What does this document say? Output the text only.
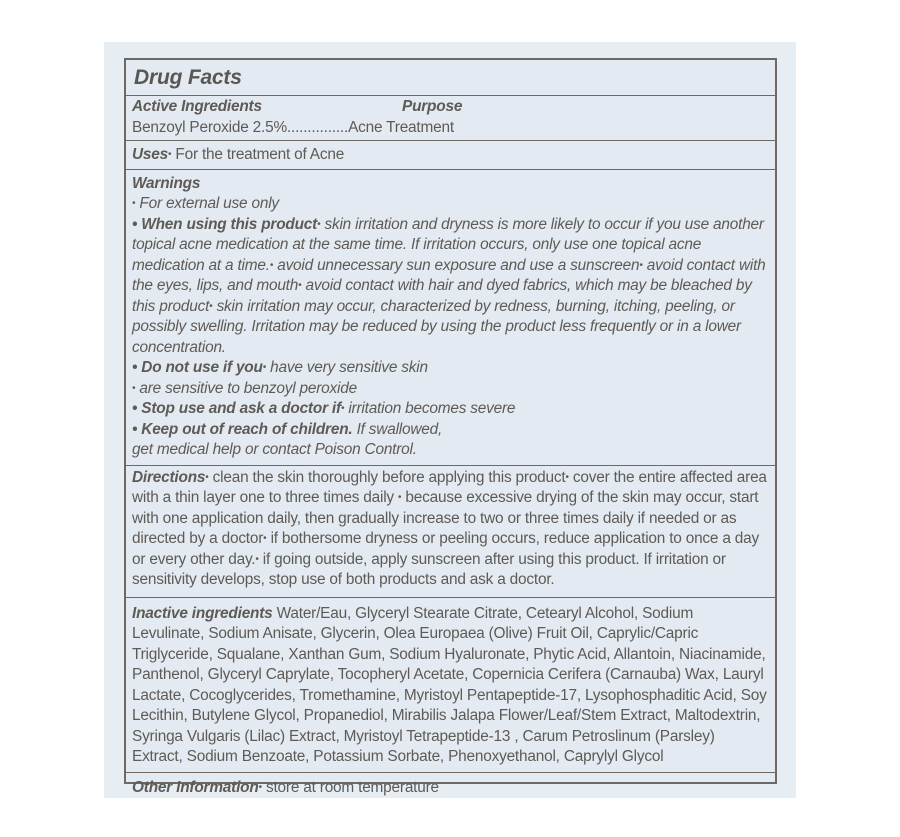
Drug Facts
Active Ingredients	Purpose
Benzoyl Peroxide 2.5%...............Acne Treatment
Uses• For the treatment of Acne
Warnings
• For external use only

• When using this product• skin irritation and dryness is more likely to occur if you use another topical acne medication at the same time. If irritation occurs, only use one topical acne medication at a time.• avoid unnecessary sun exposure and use a sunscreen• avoid contact with the eyes, lips, and mouth• avoid contact with hair and dyed fabrics, which may be bleached by this product• skin irritation may occur, characterized by redness, burning, itching, peeling, or possibly swelling. Irritation may be reduced by using the product less frequently or in a lower concentration.

• Do not use if you• have very sensitive skin
• are sensitive to benzoyl peroxide
• Stop use and ask a doctor if• irritation becomes severe
• Keep out of reach of children. If swallowed,
get medical help or contact Poison Control.

Directions• clean the skin thoroughly before applying this product• cover the entire affected area with a thin layer one to three times daily • because excessive drying of the skin may occur, start with one application daily, then gradually increase to two or three times daily if needed or as directed by a doctor• if bothersome dryness or peeling occurs, reduce application to once a day or every other day.• if going outside, apply sunscreen after using this product. If irritation or sensitivity develops, stop use of both products and ask a doctor.

Inactive ingredients Water/Eau, Glyceryl Stearate Citrate, Cetearyl Alcohol, Sodium Levulinate, Sodium Anisate, Glycerin, Olea Europaea (Olive) Fruit Oil, Caprylic/Capric Triglyceride, Squalane, Xanthan Gum, Sodium Hyaluronate, Phytic Acid, Allantoin, Niacinamide, Panthenol, Glyceryl Caprylate, Tocopheryl Acetate, Copernicia Cerifera (Carnauba) Wax, Lauryl Lactate, Cocoglycerides, Tromethamine, Myristoyl Pentapeptide-17, Lysophosphaditic Acid, Soy Lecithin, Butylene Glycol, Propanediol, Mirabilis Jalapa Flower/Leaf/Stem Extract, Maltodextrin, Syringa Vulgaris (Lilac) Extract, Myristoyl Tetrapeptide-13 , Carum Petroslinum (Parsley) Extract, Sodium Benzoate, Potassium Sorbate, Phenoxyethanol, Caprylyl Glycol

Other Information• store at room temperature
